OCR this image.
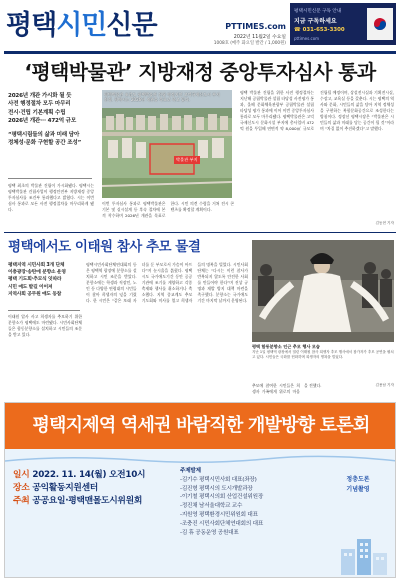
평 택 시 민 신 문	PTTIMES.com
2022년 11월2일 수요일
1008호 (매주 화요일 발간 / 1,000원)
평택시민신문 구독 안내
지금 구독하세요
☎ 031-653-3300
pttimes.com
‘평택박물관’ 지방재정 중앙투자심사 통과

2026년 개관 가시화 될 듯

사전 행정절차 모두 마무리

전시·건립 기본계획 수립

2026년 개관··· 472억 규모

“평택시림들의 삶과 미래 담아

정체성·문화 구현할 공간 조성”

평택 최초의 박물관 건립이 가시화됐다. 평택시는 평택박물관 건립사업이 행정안전부 지방재정 중앙투자심사를 조건부 통과했다고 밝혔다. 시는 이번 심사 통과로 모든 사전 행정절차를 마무리하게 됐다.
박물관 부지
평택박물관 조감도 평택박물관 건립 예정지인 고덕국제신도시 부지 전경. 평택시는 2026년 개관을 목표로 하고 있다.
이번 투자심사 통과로 평택박물관은 기본 및 실시설계 등 후속 절차에 본격 착수하며 2026년 개관을 목표로 한다. 시민 의견 수렴을 거쳐 전시 콘텐츠를 확정할 계획이다.
평택 박물관 건립을 위한 사전 행정절차는 지난해 공립박물관 설립 타당성 사전평가 통과, 올해 문화체육관광부 공립박물관 설립 타당성 평가 통과에 이어 이번 중앙투자심사 통과로 모두 마무리됐다. 평택박물관은 고덕국제신도시 문화시설 부지에 총사업비 472억 원을 투입해 연면적 약 8,000㎡ 규모로 건립될 예정이며, 상설전시실과 기획전시실, 수장고, 교육실 등을 갖춘다. 시는 평택의 역사와 문화, 시민들의 삶을 담아 지역 정체성을 구현하는 복합문화공간으로 조성한다는 방침이다. 정장선 평택시장은 “박물관은 시민들의 삶과 미래를 담는 공간이 될 것”이라며 “차질 없이 추진하겠다”고 말했다.
김동현 기자
평택에서도 이태원 참사 추모 물결

평택지역 시민사회 3개 단체

이충광장·송탄에 분향소 운영

평택 기도회·추모식 잇따라

시민 애도 발길 이어져

지역사회 공무원 애도 동참

이태원 압사 사고 희생자를 추모하기 위한 분향소가 평택에도 마련됐다. 시민사회단체들은 합동분향소를 설치하고 시민들의 조문을 받고 있다.
평택시민사회단체연대회의 등은 평택역 광장에 분향소를 설치하고 시민 조문을 받았다. 분향소에는 학생과 직장인, 노인 등 다양한 연령대의 시민들이 찾아 희생자의 넋을 기렸다. 한 시민은 “같은 또래 자녀를 둔 부모로서 가슴이 아프다”며 눈시울을 붉혔다. 평택시도 국가애도기간 동안 공공기관에 조기를 게양하고 각종 축제와 행사를 취소하거나 축소했다. 지역 종교계도 추모 기도회와 미사를 열고 희생자들의 명복을 빌었다. 시민사회단체는 “다시는 이런 참사가 반복되지 않도록 안전한 사회를 만들어야 한다”며 진상 규명과 재발 방지 대책 마련을 촉구했다. 분향소는 국가애도기간 마지막 날까지 운영된다.
평택 합동분향소 인근 추모 행사 모습
지난 1일 평택역 광장에서 열린 이태원 참사 희생자 추모 행사에서 참가자가 추모 공연을 펼치고 있다. 시민들은 국화를 헌화하며 희생자의 명복을 빌었다.
추모에 참여한 시민들은 희생자 가족에게 위로의 마음을 전했다.	김용남 기자
평택지제역 역세권 바람직한 개발방향 토론회

일시 2022. 11. 14(월) 오전10시

장소 공익활동지원센터

주최 공공요일·평택맨몰도시위원회

주제발제

-김기수 평택시민사회 대표(좌장)

-김진형 평택시의 도시개발과장

-이기철 평택시의회 산업건설위원장

-정진채 남서울대학교 교수

-지원영 평택환경시민위원회 대표

-조충진 시민사회단체연대회의 대표

-김 휴 공동운영 공원대표

정충도론

기념촬영
